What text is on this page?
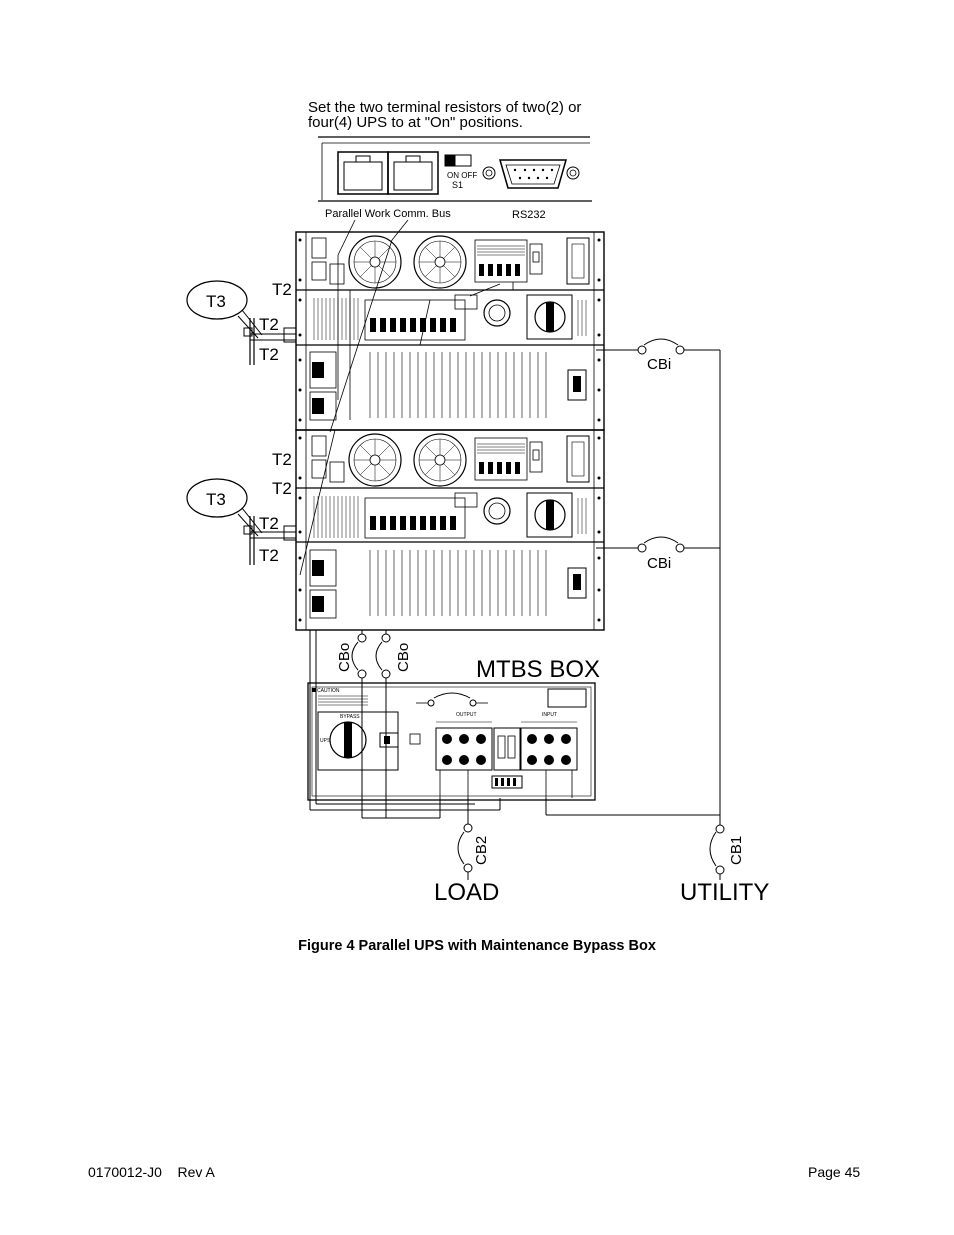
Set the two terminal resistors of two(2) or
four(4) UPS to at "On" positions.
ON OFF
S1
Parallel Work Comm. Bus	RS232
T3
T2
T2
T2
T3
T2
T2
T2
T2
CBi
CBi
CB1
UTILITY
CBo	CBo
CB2
LOAD
MTBS BOX
CAUTION
BYPASS
UPS
OUTPUT	INPUT
Figure 4 Parallel UPS with Maintenance Bypass Box
0170012-J0    Rev A	Page 45
